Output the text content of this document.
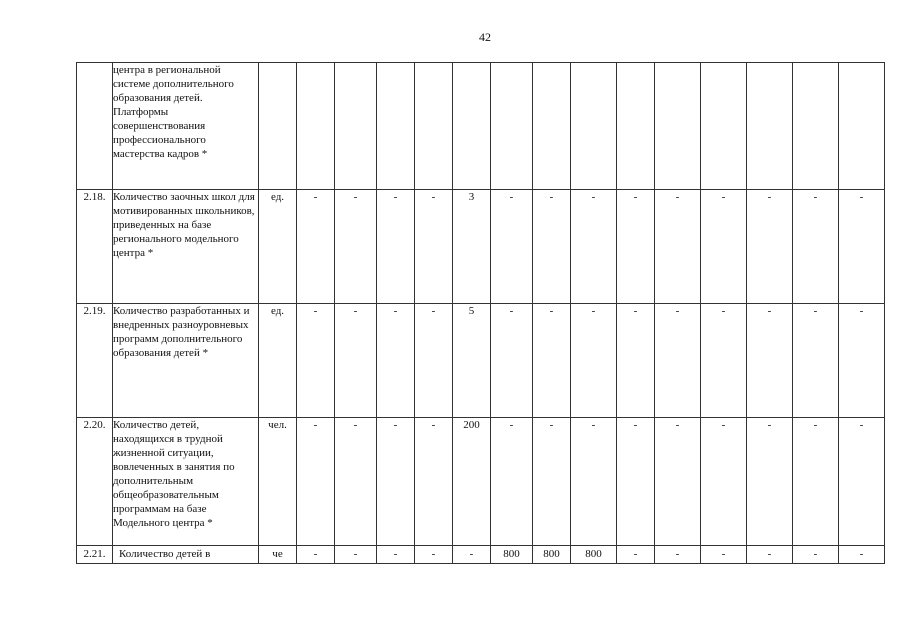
42
	центра в региональной системе дополнительного образования детей. Платформы совершенствования профессионального мастерства кадров *															
2.18.	Количество заочных школ для мотивированных школьников, приведенных на базе регионального модельного центра *	ед.	-	-	-	-	3	-	-	-	-	-	-	-	-	-
2.19.	Количество разработанных и внедренных разноуровневых программ дополнительного образования детей *	ед.	-	-	-	-	5	-	-	-	-	-	-	-	-	-
2.20.	Количество детей, находящихся в трудной жизненной ситуации, вовлеченных в занятия по дополнительным общеобразовательным программам на базе Модельного центра *	чел.	-	-	-	-	200	-	-	-	-	-	-	-	-	-
2.21.	Количество детей в	че	-	-	-	-	-	800	800	800	-	-	-	-	-	-
